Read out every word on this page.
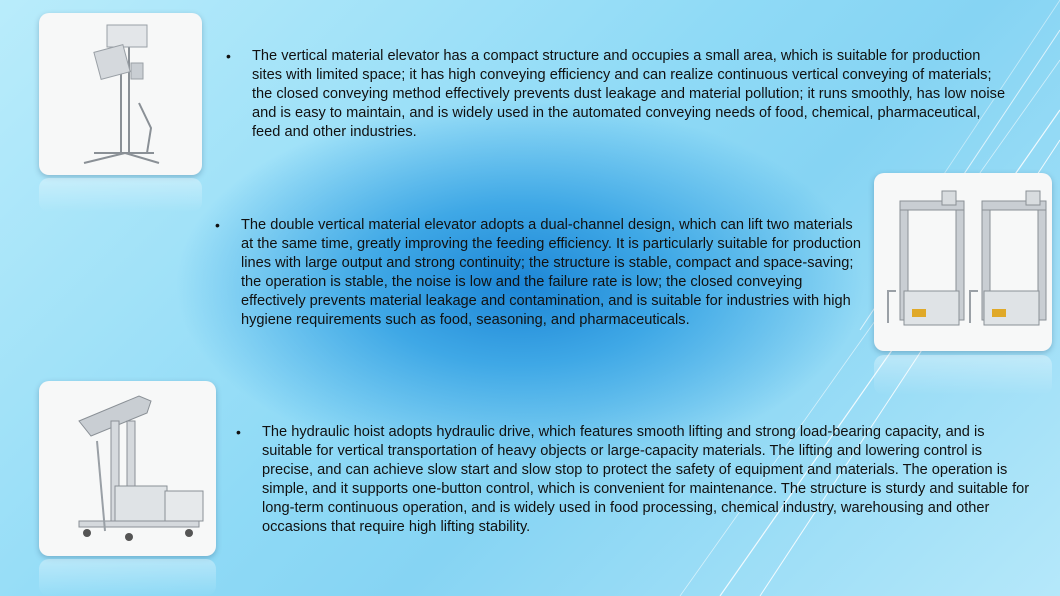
•	The vertical material elevator has a compact structure and occupies a small area, which is suitable for production sites with limited space; it has high conveying efficiency and can realize continuous vertical conveying of materials; the closed conveying method effectively prevents dust leakage and material pollution; it runs smoothly, has low noise and is easy to maintain, and is widely used in the automated conveying needs of food, chemical, pharmaceutical, feed and other industries.

•	The double vertical material elevator adopts a dual-channel design, which can lift two materials at the same time, greatly improving the feeding efficiency. It is particularly suitable for production lines with large output and strong continuity; the structure is stable, compact and space-saving; the operation is stable, the noise is low and the failure rate is low; the closed conveying effectively prevents material leakage and contamination, and is suitable for industries with high hygiene requirements such as food, seasoning, and pharmaceuticals.

•	The hydraulic hoist adopts hydraulic drive, which features smooth lifting and strong load-bearing capacity, and is suitable for vertical transportation of heavy objects or large-capacity materials. The lifting and lowering control is precise, and can achieve slow start and slow stop to protect the safety of equipment and materials. The operation is simple, and it supports one-button control, which is convenient for maintenance. The structure is sturdy and suitable for long-term continuous operation, and is widely used in food processing, chemical industry, warehousing and other occasions that require high lifting stability.
